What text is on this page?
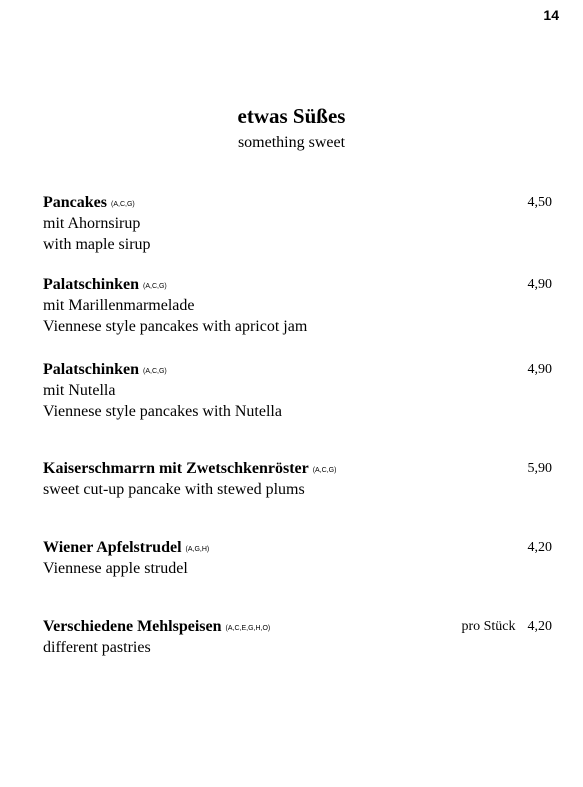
14
etwas Süßes
something sweet
Pancakes (A,C,G)	4,50
mit Ahornsirup
with maple sirup
Palatschinken (A,C,G)	4,90
mit Marillenmarmelade
Viennese style pancakes with apricot jam
Palatschinken (A,C,G)	4,90
mit Nutella
Viennese style pancakes with Nutella
Kaiserschmarrn mit Zwetschkenröster (A,C,G)	5,90
sweet cut-up pancake with stewed plums
Wiener Apfelstrudel (A,G,H)	4,20
Viennese apple strudel
Verschiedene Mehlspeisen (A,C,E,G,H,O)	pro Stück 4,20
different pastries
